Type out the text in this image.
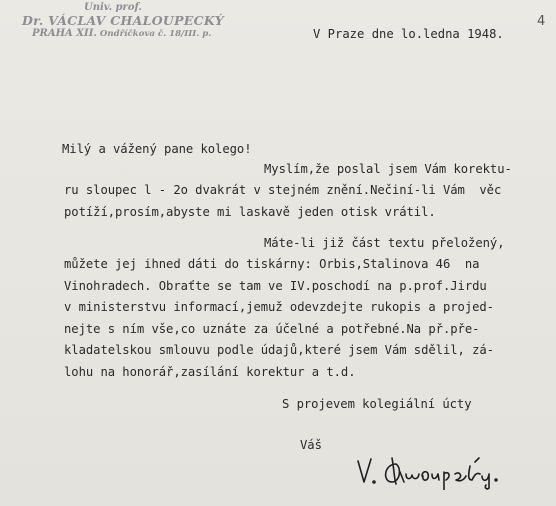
Univ. prof.
Dr. VÁCLAV CHALOUPECKÝ
PRAHA XII. Ondříčkova č. 18/III. p.
4
V Praze dne lo.ledna 1948.
Milý a vážený pane kolego!
Myslím,že poslal jsem Vám korektu-
ru sloupec l - 2o dvakrát v stejném znění.Nečiní-li Vám  věc
potíží,prosím,abyste mi laskavě jeden otisk vrátil.
Máte-li již část textu přeložený,
můžete jej ihned dáti do tiskárny: Orbis,Stalinova 46  na
Vinohradech. Obraťte se tam ve IV.poschodí na p.prof.Jirdu
v ministerstvu informací,jemuž odevzdejte rukopis a projed-
nejte s ním vše,co uznáte za účelné a potřebné.Na př.pře-
kladatelskou smlouvu podle údajů,které jsem Vám sdělil, zá-
lohu na honorář,zasílání korektur a t.d.
S projevem kolegiální úcty
Váš
